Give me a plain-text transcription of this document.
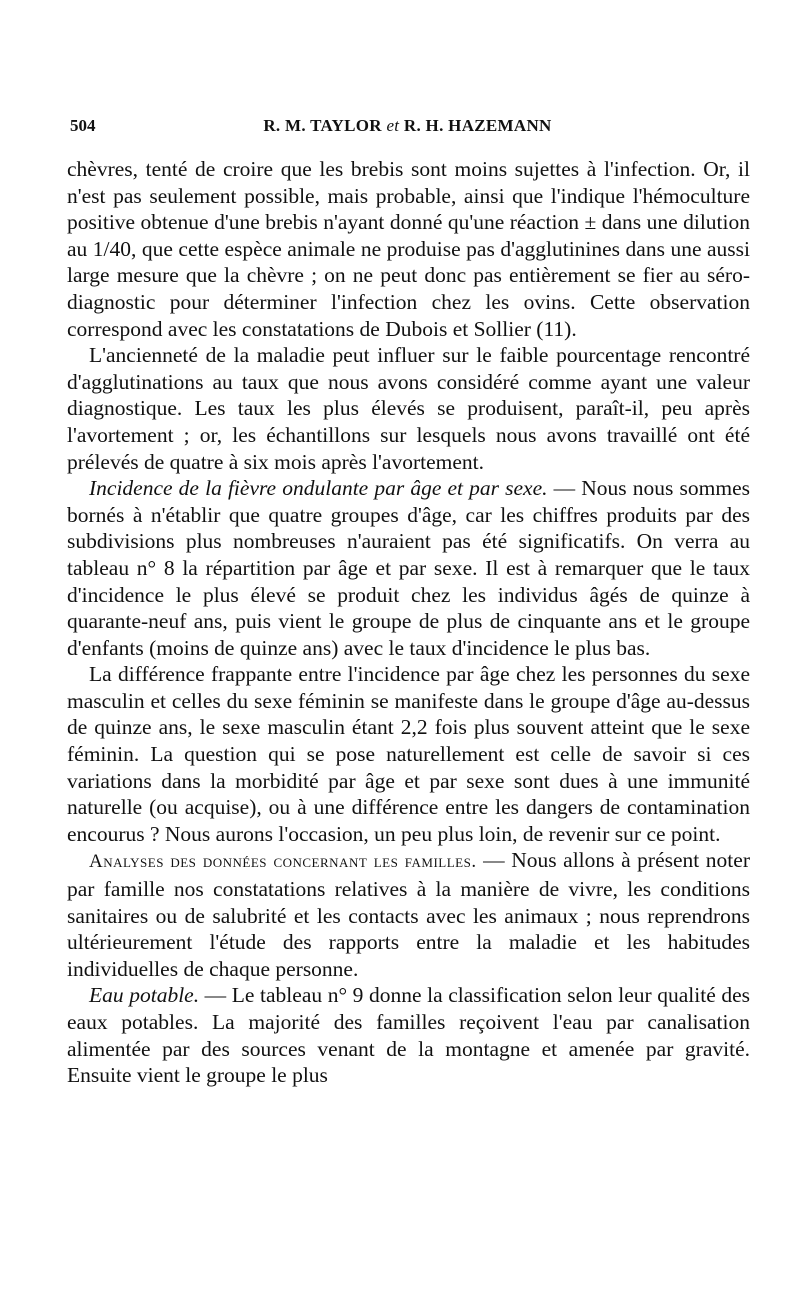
504	R. M. TAYLOR et R. H. HAZEMANN

chèvres, tenté de croire que les brebis sont moins sujettes à l'infection. Or, il n'est pas seulement possible, mais probable, ainsi que l'indique l'hémoculture positive obtenue d'une brebis n'ayant donné qu'une réaction ± dans une dilution au 1/40, que cette espèce animale ne produise pas d'agglutinines dans une aussi large mesure que la chèvre ; on ne peut donc pas entièrement se fier au séro-diagnostic pour déterminer l'infection chez les ovins. Cette observation correspond avec les constatations de Dubois et Sollier (11).

L'ancienneté de la maladie peut influer sur le faible pourcentage rencontré d'agglutinations au taux que nous avons considéré comme ayant une valeur diagnostique. Les taux les plus élevés se produisent, paraît-il, peu après l'avortement ; or, les échantillons sur lesquels nous avons travaillé ont été prélevés de quatre à six mois après l'avortement.

Incidence de la fièvre ondulante par âge et par sexe. — Nous nous sommes bornés à n'établir que quatre groupes d'âge, car les chiffres produits par des subdivisions plus nombreuses n'auraient pas été significatifs. On verra au tableau n° 8 la répartition par âge et par sexe. Il est à remarquer que le taux d'incidence le plus élevé se produit chez les individus âgés de quinze à quarante-neuf ans, puis vient le groupe de plus de cinquante ans et le groupe d'enfants (moins de quinze ans) avec le taux d'incidence le plus bas.

La différence frappante entre l'incidence par âge chez les personnes du sexe masculin et celles du sexe féminin se manifeste dans le groupe d'âge au-dessus de quinze ans, le sexe masculin étant 2,2 fois plus souvent atteint que le sexe féminin. La question qui se pose naturellement est celle de savoir si ces variations dans la morbidité par âge et par sexe sont dues à une immunité naturelle (ou acquise), ou à une différence entre les dangers de contamination encourus ? Nous aurons l'occasion, un peu plus loin, de revenir sur ce point.

Analyses des données concernant les familles. — Nous allons à présent noter par famille nos constatations relatives à la manière de vivre, les conditions sanitaires ou de salubrité et les contacts avec les animaux ; nous reprendrons ultérieurement l'étude des rapports entre la maladie et les habitudes individuelles de chaque personne.

Eau potable. — Le tableau n° 9 donne la classification selon leur qualité des eaux potables. La majorité des familles reçoivent l'eau par canalisation alimentée par des sources venant de la montagne et amenée par gravité. Ensuite vient le groupe le plus
